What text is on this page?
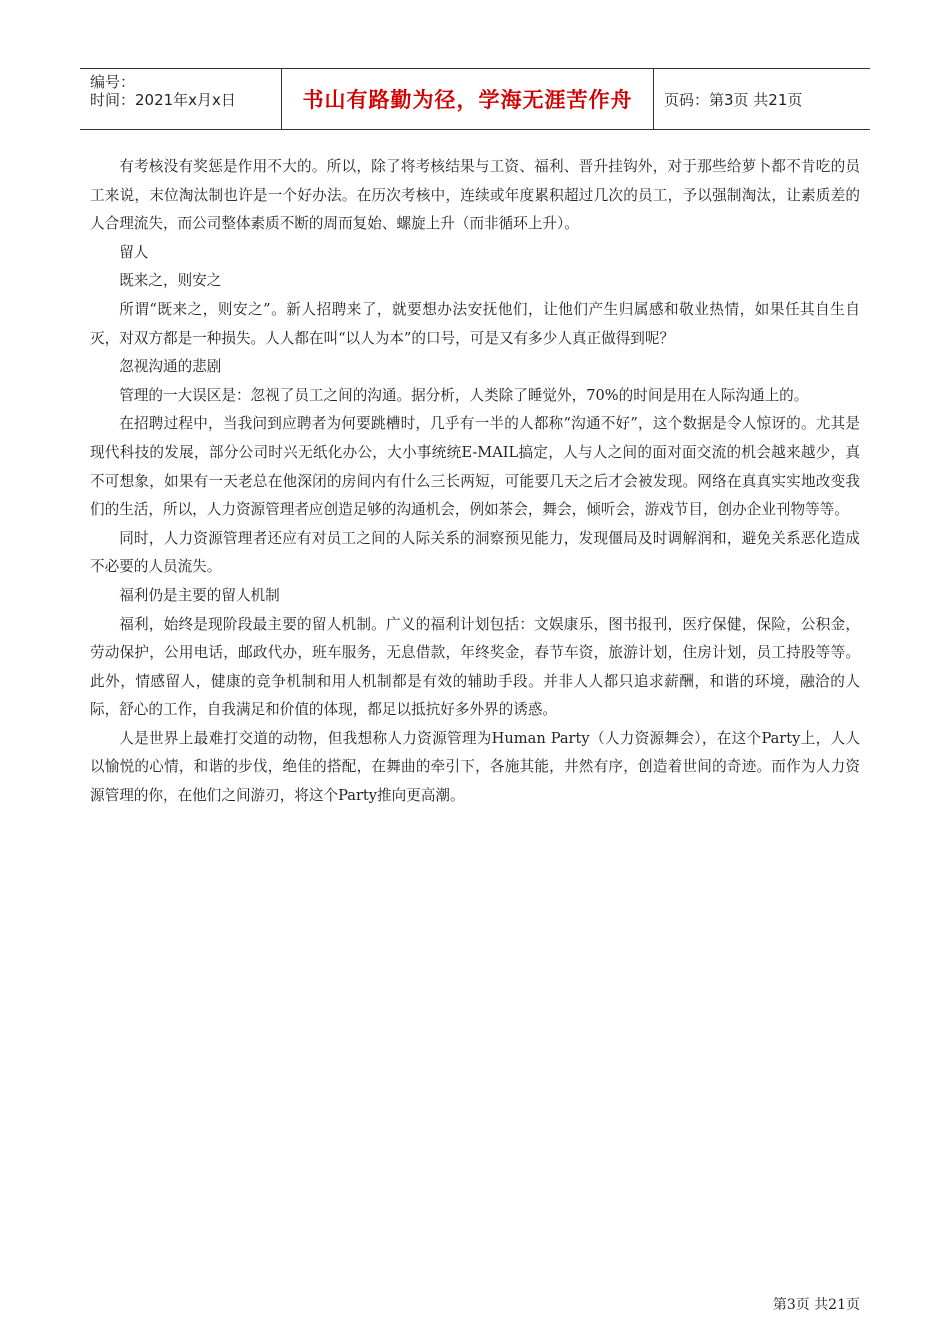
编号：
时间：2021年x月x日	书山有路勤为径，学海无涯苦作舟	页码：第3页 共21页

有考核没有奖惩是作用不大的。所以，除了将考核结果与工资、福利、晋升挂钩外，对于那些给萝卜都不肯吃的员工来说，末位淘汰制也许是一个好办法。在历次考核中，连续或年度累积超过几次的员工，予以强制淘汰，让素质差的人合理流失，而公司整体素质不断的周而复始、螺旋上升（而非循环上升）。

留人

既来之，则安之

所谓“既来之，则安之”。新人招聘来了，就要想办法安抚他们，让他们产生归属感和敬业热情，如果任其自生自灭，对双方都是一种损失。人人都在叫“以人为本”的口号，可是又有多少人真正做得到呢？

忽视沟通的悲剧

管理的一大误区是：忽视了员工之间的沟通。据分析，人类除了睡觉外，70%的时间是用在人际沟通上的。

在招聘过程中，当我问到应聘者为何要跳槽时，几乎有一半的人都称“沟通不好”，这个数据是令人惊讶的。尤其是现代科技的发展，部分公司时兴无纸化办公，大小事统统E-MAIL搞定，人与人之间的面对面交流的机会越来越少，真不可想象，如果有一天老总在他深闭的房间内有什么三长两短，可能要几天之后才会被发现。网络在真真实实地改变我们的生活，所以，人力资源管理者应创造足够的沟通机会，例如茶会，舞会，倾听会，游戏节目，创办企业刊物等等。

同时，人力资源管理者还应有对员工之间的人际关系的洞察预见能力，发现僵局及时调解润和，避免关系恶化造成不必要的人员流失。

福利仍是主要的留人机制

福利，始终是现阶段最主要的留人机制。广义的福利计划包括：文娱康乐，图书报刊，医疗保健，保险，公积金，劳动保护，公用电话，邮政代办，班车服务，无息借款，年终奖金，春节车资，旅游计划，住房计划，员工持股等等。此外，情感留人，健康的竞争机制和用人机制都是有效的辅助手段。并非人人都只追求薪酬，和谐的环境，融洽的人际，舒心的工作，自我满足和价值的体现，都足以抵抗好多外界的诱惑。

人是世界上最难打交道的动物，但我想称人力资源管理为Human Party（人力资源舞会），在这个Party上，人人以愉悦的心情，和谐的步伐，绝佳的搭配，在舞曲的牵引下，各施其能，井然有序，创造着世间的奇迹。而作为人力资源管理的你，在他们之间游刃，将这个Party推向更高潮。

第3页 共21页
